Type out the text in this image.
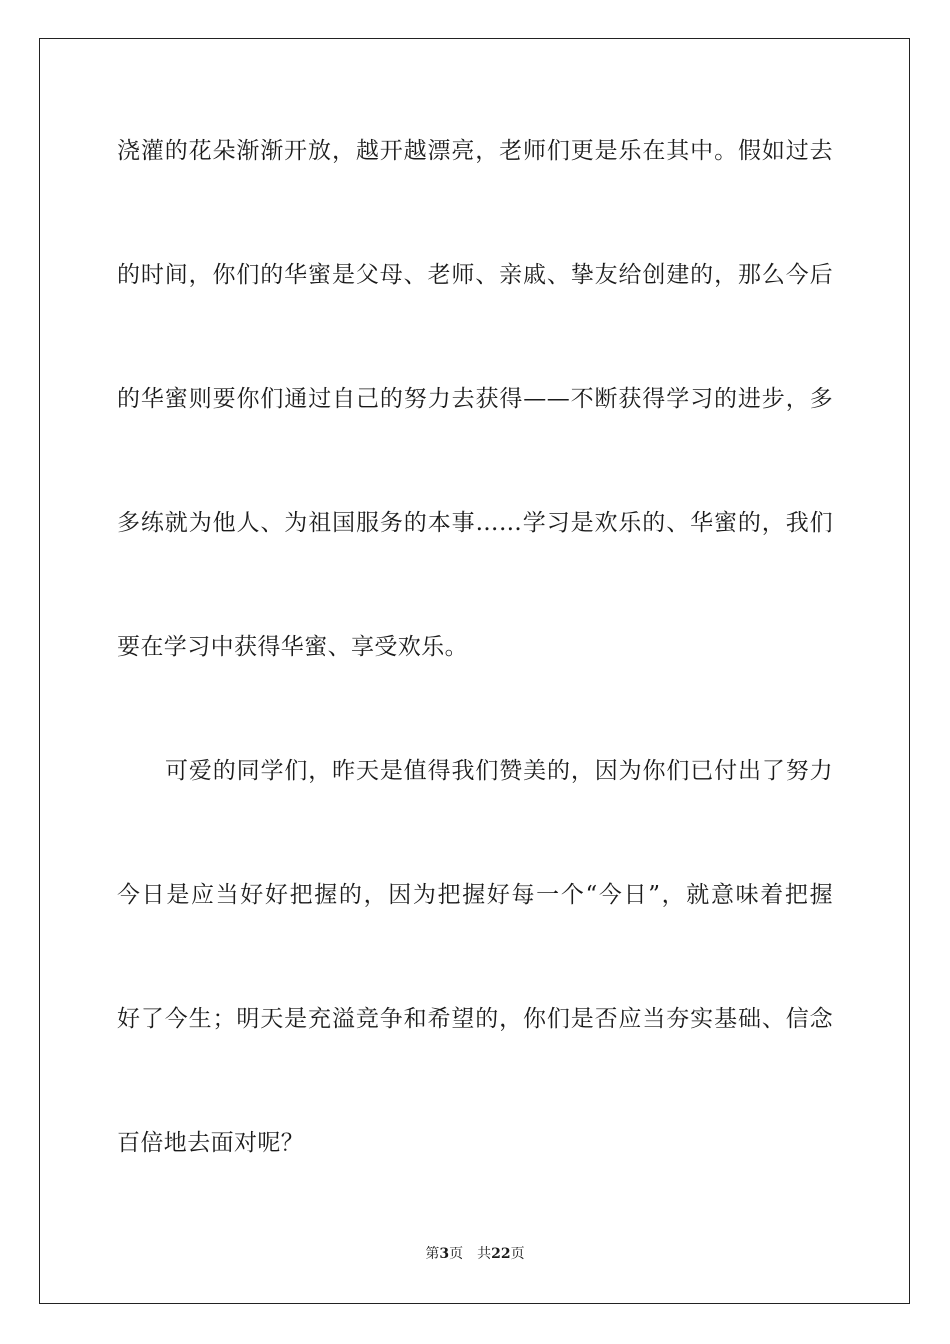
浇灌的花朵渐渐开放，越开越漂亮，老师们更是乐在其中。假如过去
的时间，你们的华蜜是父母、老师、亲戚、挚友给创建的，那么今后
的华蜜则要你们通过自己的努力去获得——不断获得学习的进步，多
多练就为他人、为祖国服务的本事……学习是欢乐的、华蜜的，我们
要在学习中获得华蜜、享受欢乐。
可爱的同学们，昨天是值得我们赞美的，因为你们已付出了努力
今日是应当好好把握的，因为把握好每一个“今日”，就意味着把握
好了今生；明天是充溢竞争和希望的，你们是否应当夯实基础、信念
百倍地去面对呢？
第3页 共22页
